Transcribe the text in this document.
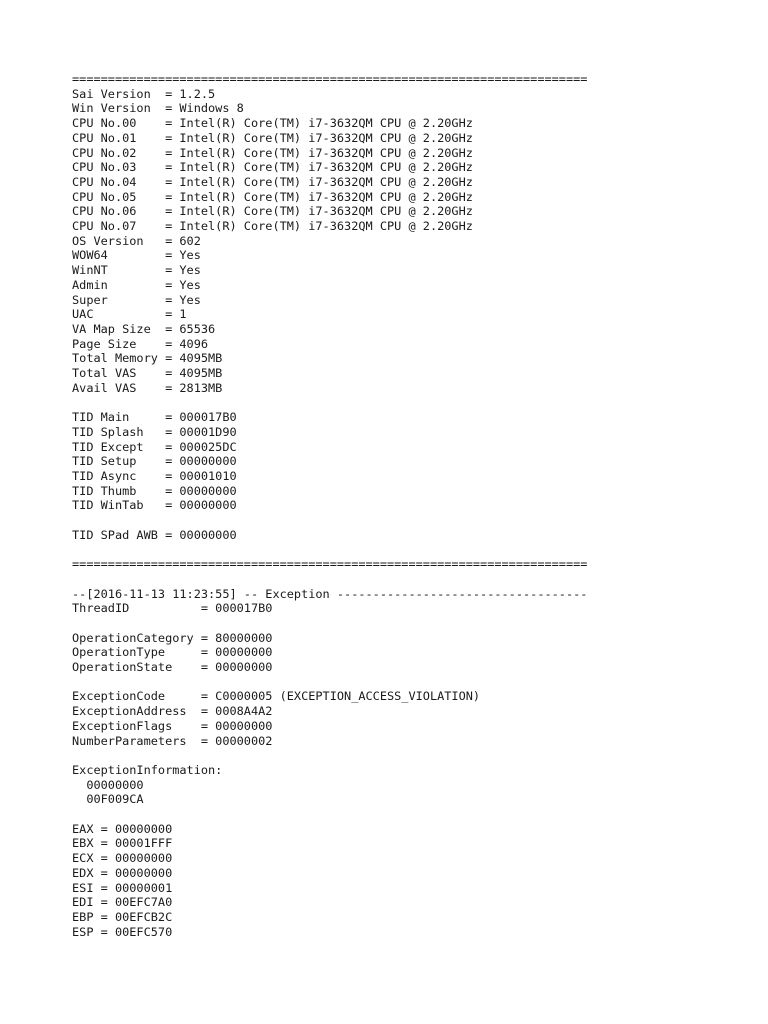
========================================================================
Sai Version  = 1.2.5
Win Version  = Windows 8
CPU No.00    = Intel(R) Core(TM) i7-3632QM CPU @ 2.20GHz
CPU No.01    = Intel(R) Core(TM) i7-3632QM CPU @ 2.20GHz
CPU No.02    = Intel(R) Core(TM) i7-3632QM CPU @ 2.20GHz
CPU No.03    = Intel(R) Core(TM) i7-3632QM CPU @ 2.20GHz
CPU No.04    = Intel(R) Core(TM) i7-3632QM CPU @ 2.20GHz
CPU No.05    = Intel(R) Core(TM) i7-3632QM CPU @ 2.20GHz
CPU No.06    = Intel(R) Core(TM) i7-3632QM CPU @ 2.20GHz
CPU No.07    = Intel(R) Core(TM) i7-3632QM CPU @ 2.20GHz
OS Version   = 602
WOW64        = Yes
WinNT        = Yes
Admin        = Yes
Super        = Yes
UAC          = 1
VA Map Size  = 65536
Page Size    = 4096
Total Memory = 4095MB
Total VAS    = 4095MB
Avail VAS    = 2813MB
TID Main     = 000017B0
TID Splash   = 00001D90
TID Except   = 000025DC
TID Setup    = 00000000
TID Async    = 00001010
TID Thumb    = 00000000
TID WinTab   = 00000000
TID SPad AWB = 00000000
========================================================================
--[2016-11-13 11:23:55] -- Exception -----------------------------------
ThreadID          = 000017B0
OperationCategory = 80000000
OperationType     = 00000000
OperationState    = 00000000
ExceptionCode     = C0000005 (EXCEPTION_ACCESS_VIOLATION)
ExceptionAddress  = 0008A4A2
ExceptionFlags    = 00000000
NumberParameters  = 00000002
ExceptionInformation:
00000000
00F009CA
EAX = 00000000
EBX = 00001FFF
ECX = 00000000
EDX = 00000000
ESI = 00000001
EDI = 00EFC7A0
EBP = 00EFCB2C
ESP = 00EFC570
